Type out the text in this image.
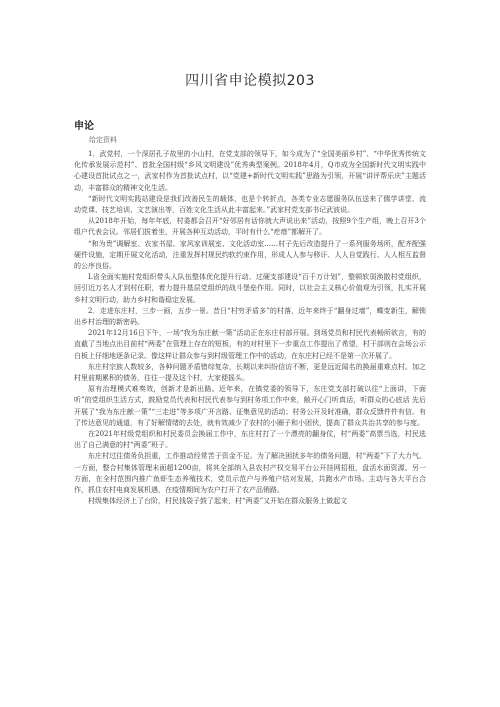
四川省申论模拟203
申论
给定资料

1．武党村，一个深居孔子故里的小山村，在党支部的领导下，如今成为了“全国美丽乡村”、“中华优秀传统文化传承发展示范村”、首批全国村级“乡风文明建设”优秀典型案例。2018年4月，Q市成为全国新时代文明实践中心建设首批试点之一，武家村作为首批试点村，以“党建+新时代文明实践”思路为引领，开展“讲评帮乐庆”主题活动，丰富群众的精神文化生活。

“新时代文明实践站建设是我们改善民生的载体，也是个转折点，各类专业志愿服务队伍送来了儒学讲堂、流动党课、技艺培训、文艺演出等，百姓文化生活从此丰富起来。”武家村党支部书记武波说。

从2018年开始，每年年底，村委都会召开“好邻居有话你就大声说出来”活动，按照9个生产组，晚上召开3个组户代表会议。邻居们拔着坐，开展各种互动活动，平时有什么“疙瘩”都解开了。

“和为贵”调解室、农家书屋、家风家训展室、文化活动室……村子先后改造提升了一系列服务场所，配齐配强硬件设施，定期开展文化活动，注重发挥村规民约软约束作用，形成人人参与移讦、人人自觉践行、人人相互监督的公序良俗。

L省全面实施村党组织带头人队伍整体优化提升行动、过硬支部建设“百千万计划”，整顿软弱涣散村党组织，回引近万名人才到村任职，着力提升基层党组织的战斗堡垒作用。同时，以社会主义核心价值观为引领，扎实开展乡村文明行动，助力乡村和谐稳定发展。

2．走进东庄村，三步一画，五步一景。昔日“村穷矛盾多”的村落，近年来终于“翻身过墙”，蝶变新生，解锁出乡村治理的新密码。

2021年12月16日下午，一场“我为东庄献一策”活动正在东庄村部开展。到场党员和村民代表畅所欲言，有的直截了当地点出目前村“两委”在管理上存在的短板，有的对村里下一步重点工作提出了希望，村干部则在会场公示白板上仔细地逐条记录。像这样让群众参与到村级管理工作中的活动，在东庄村已经不是第一次开展了。

东庄村宗族人数较多，各种问题矛盾错综复杂，长期以来纠纷信访不断，更是远近闻名的换届重难点村。加之村里前期累积的债务，往往一提及这个村，大家便摇头。

原有治理模式难奏效，创新才是新出路。近年来，在镇党委的领导下，东庄党支部打破以往“上面讲，下面听”的党组织生活方式，鼓励党员代表和村民代表参与到村务项工作中来，敞开心门听真话，听群众的心底话 先后开展了“我为东庄献一策”“三走进”等多项广开言路、征集意见的活动；村务公开及时准确，群众反馈件件有信。有了传达意见的通道，有了好解情绪的去处，就有效减少了农村的小圈子和小团伙，提高了群众共治共享的参与度。

在2021年村级党组织和村民委员会换届工作中，东庄村打了一个漂亮的翻身仗，村“两委”高票当选，村民选出了自己满意的村“两委”班子。

东庄村过往债务负担重，工作推动经常苦于资金不足。为了解决困扰多年的债务问题，村“两委”下了大力气。一方面，整合村集体管理未面超1200亩，将其全部纳入县农村产权交易平台公开挂网招租，盘活水面资源。另一方面，在全村范围内推广鱼虾生态养殖技术，党员示范户与养殖户结对发展，共跑水产市场。主动与各大平台合作，抓住农村电商发展机遇，在疫情期间为农户打开了农产品销路。

村级集体经济上了台阶，村民钱袋子鼓了起来，村“两委”又开始在群众服务上做起文
